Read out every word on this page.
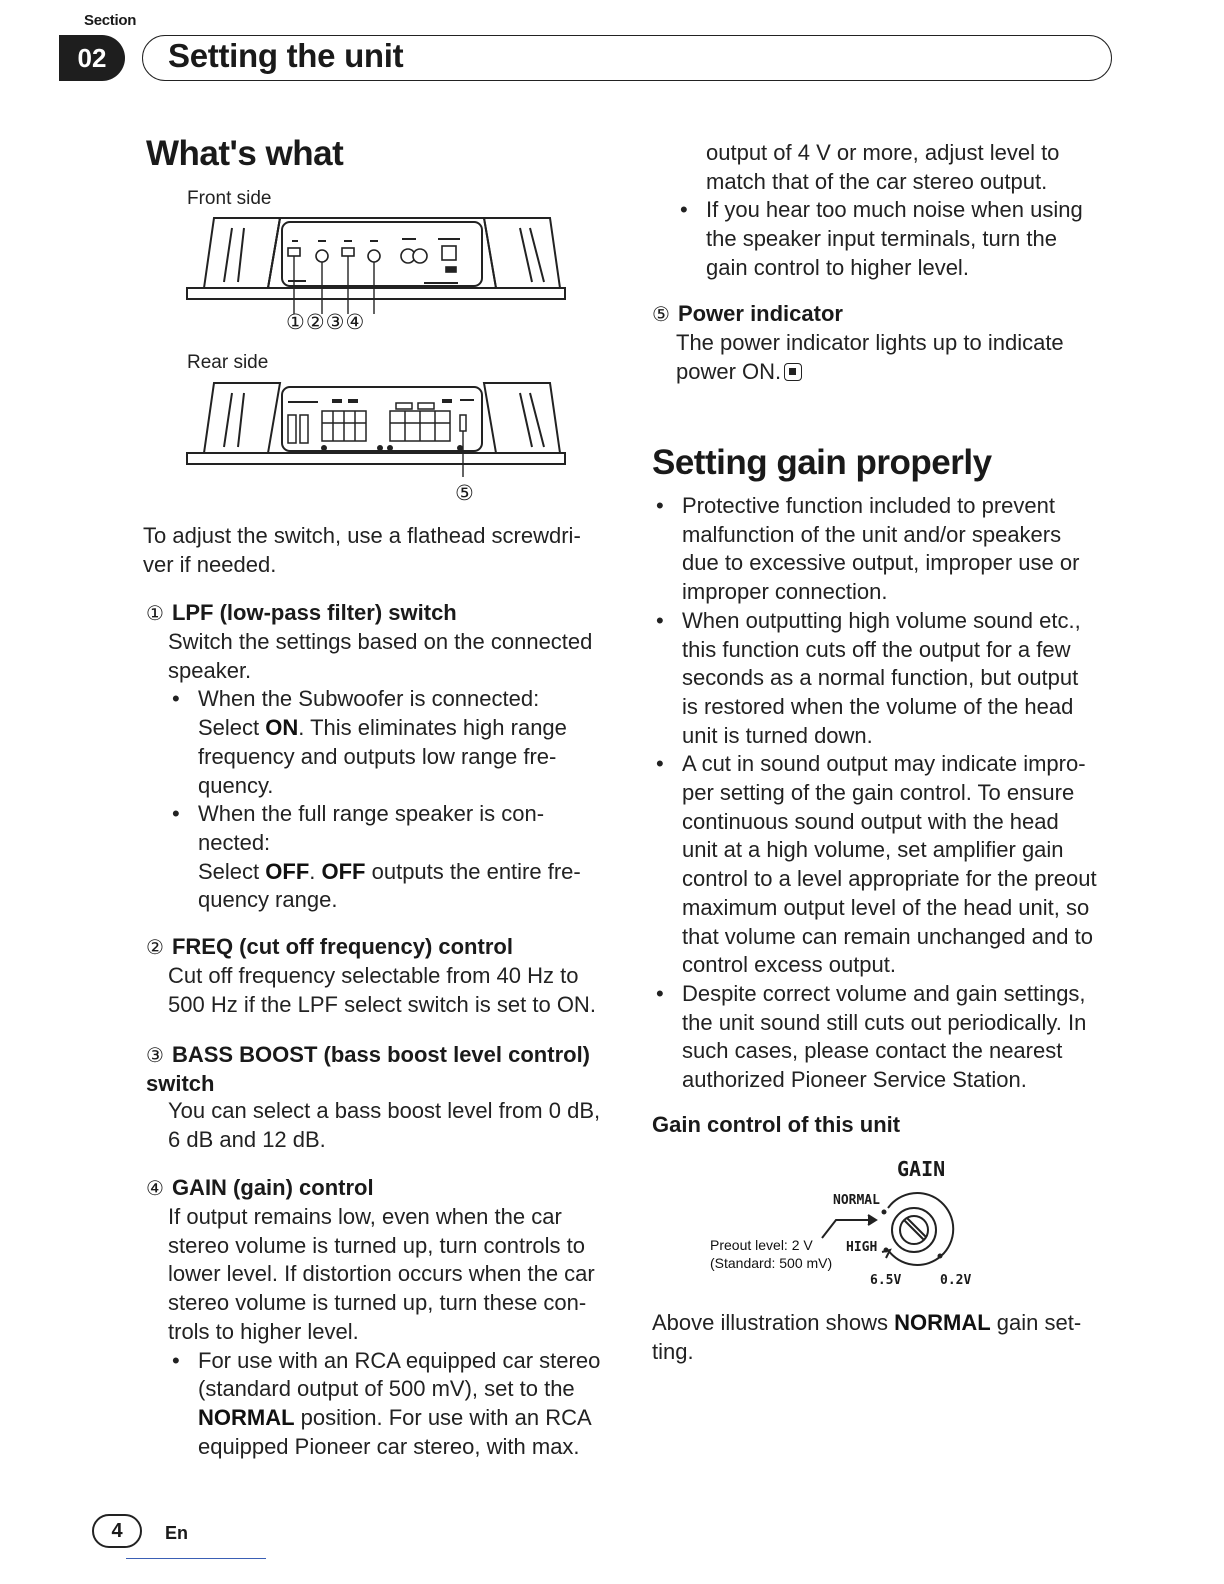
Section
02	Setting the unit
What's what
Front side
①②③④
Rear side
⑤
To adjust the switch, use a flathead screwdri-
ver if needed.
① LPF (low-pass filter) switch
Switch the settings based on the connected
speaker.
• When the Subwoofer is connected:
Select ON. This eliminates high range
frequency and outputs low range fre-
quency.
• When the full range speaker is con-
nected:
Select OFF. OFF outputs the entire fre-
quency range.
② FREQ (cut off frequency) control
Cut off frequency selectable from 40 Hz to
500 Hz if the LPF select switch is set to ON.
③ BASS BOOST (bass boost level control)
switch
You can select a bass boost level from 0 dB,
6 dB and 12 dB.
④ GAIN (gain) control
If output remains low, even when the car
stereo volume is turned up, turn controls to
lower level. If distortion occurs when the car
stereo volume is turned up, turn these con-
trols to higher level.
• For use with an RCA equipped car stereo
(standard output of 500 mV), set to the
NORMAL position. For use with an RCA
equipped Pioneer car stereo, with max.
output of 4 V or more, adjust level to
match that of the car stereo output.
• If you hear too much noise when using
the speaker input terminals, turn the
gain control to higher level.
⑤ Power indicator
The power indicator lights up to indicate
power ON.
Setting gain properly
• Protective function included to prevent
malfunction of the unit and/or speakers
due to excessive output, improper use or
improper connection.
• When outputting high volume sound etc.,
this function cuts off the output for a few
seconds as a normal function, but output
is restored when the volume of the head
unit is turned down.
• A cut in sound output may indicate impro-
per setting of the gain control. To ensure
continuous sound output with the head
unit at a high volume, set amplifier gain
control to a level appropriate for the preout
maximum output level of the head unit, so
that volume can remain unchanged and to
control excess output.
• Despite correct volume and gain settings,
the unit sound still cuts out periodically. In
such cases, please contact the nearest
authorized Pioneer Service Station.
Gain control of this unit
GAIN
NORMAL
HIGH
6.5V	0.2V
Preout level: 2 V
(Standard: 500 mV)
Above illustration shows NORMAL gain set-
ting.
4	En
